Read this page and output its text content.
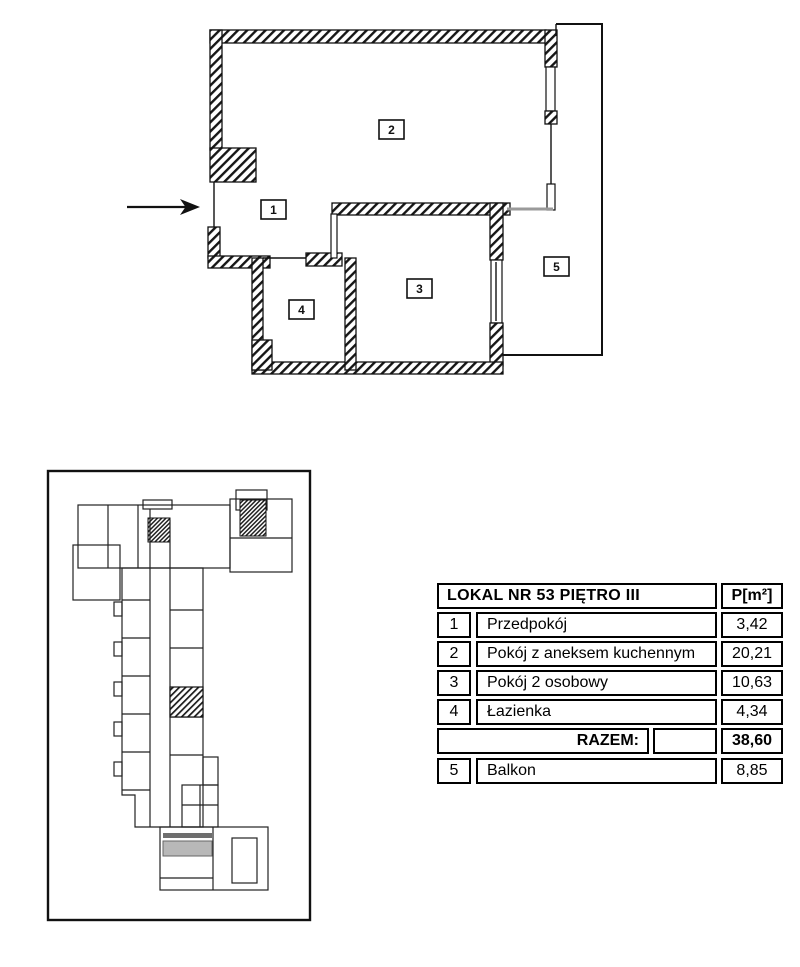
1
2
3
4
5
LOKAL NR 53 PIĘTRO III	P[m²]
1	Przedpokój	3,42
2	Pokój z aneksem kuchennym	20,21
3	Pokój 2 osobowy	10,63
4	Łazienka	4,34
RAZEM:	38,60
5	Balkon	8,85
